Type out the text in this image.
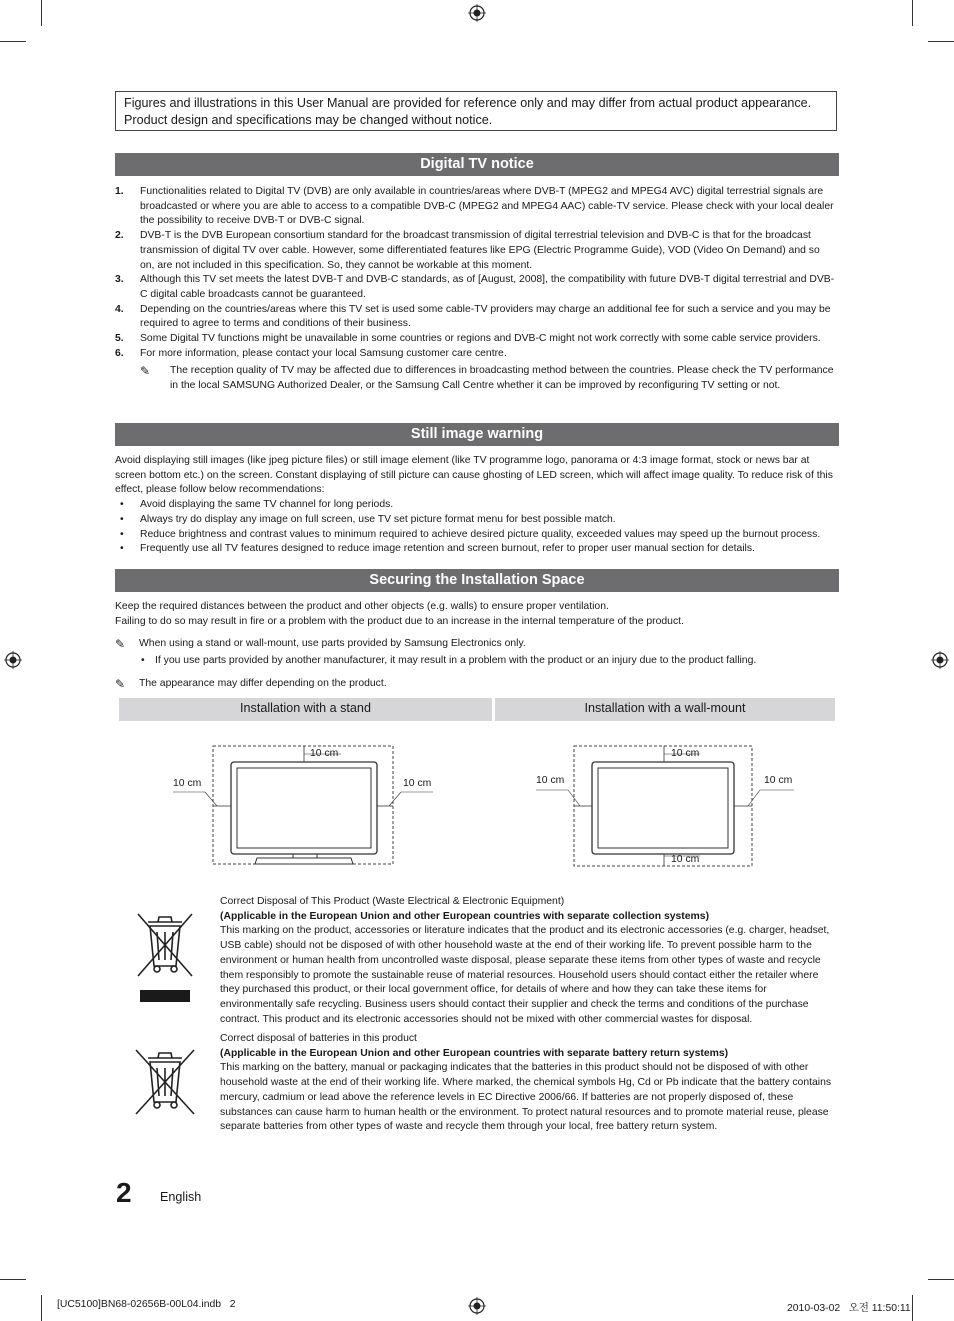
Figures and illustrations in this User Manual are provided for reference only and may differ from actual product appearance.
Product design and specifications may be changed without notice.
Digital TV notice
1. Functionalities related to Digital TV (DVB) are only available in countries/areas where DVB-T (MPEG2 and MPEG4 AVC) digital terrestrial signals are broadcasted or where you are able to access to a compatible DVB-C (MPEG2 and MPEG4 AAC) cable-TV service. Please check with your local dealer the possibility to receive DVB-T or DVB-C signal.
2. DVB-T is the DVB European consortium standard for the broadcast transmission of digital terrestrial television and DVB-C is that for the broadcast transmission of digital TV over cable. However, some differentiated features like EPG (Electric Programme Guide), VOD (Video On Demand) and so on, are not included in this specification. So, they cannot be workable at this moment.
3. Although this TV set meets the latest DVB-T and DVB-C standards, as of [August, 2008], the compatibility with future DVB-T digital terrestrial and DVB-C digital cable broadcasts cannot be guaranteed.
4. Depending on the countries/areas where this TV set is used some cable-TV providers may charge an additional fee for such a service and you may be required to agree to terms and conditions of their business.
5. Some Digital TV functions might be unavailable in some countries or regions and DVB-C might not work correctly with some cable service providers.
6. For more information, please contact your local Samsung customer care centre.
✎ The reception quality of TV may be affected due to differences in broadcasting method between the countries. Please check the TV performance in the local SAMSUNG Authorized Dealer, or the Samsung Call Centre whether it can be improved by reconfiguring TV setting or not.
Still image warning
Avoid displaying still images (like jpeg picture files) or still image element (like TV programme logo, panorama or 4:3 image format, stock or news bar at screen bottom etc.) on the screen. Constant displaying of still picture can cause ghosting of LED screen, which will affect image quality. To reduce risk of this effect, please follow below recommendations:
• Avoid displaying the same TV channel for long periods.
• Always try do display any image on full screen, use TV set picture format menu for best possible match.
• Reduce brightness and contrast values to minimum required to achieve desired picture quality, exceeded values may speed up the burnout process.
• Frequently use all TV features designed to reduce image retention and screen burnout, refer to proper user manual section for details.
Securing the Installation Space
Keep the required distances between the product and other objects (e.g. walls) to ensure proper ventilation.
Failing to do so may result in fire or a problem with the product due to an increase in the internal temperature of the product.
✎ When using a stand or wall-mount, use parts provided by Samsung Electronics only.
• If you use parts provided by another manufacturer, it may result in a problem with the product or an injury due to the product falling.
✎ The appearance may differ depending on the product.
Installation with a stand	Installation with a wall-mount
10 cm
10 cm	10 cm
10 cm
10 cm	10 cm
10 cm
Correct Disposal of This Product (Waste Electrical & Electronic Equipment)
(Applicable in the European Union and other European countries with separate collection systems)
This marking on the product, accessories or literature indicates that the product and its electronic accessories (e.g. charger, headset, USB cable) should not be disposed of with other household waste at the end of their working life. To prevent possible harm to the environment or human health from uncontrolled waste disposal, please separate these items from other types of waste and recycle them responsibly to promote the sustainable reuse of material resources. Household users should contact either the retailer where they purchased this product, or their local government office, for details of where and how they can take these items for environmentally safe recycling. Business users should contact their supplier and check the terms and conditions of the purchase contract. This product and its electronic accessories should not be mixed with other commercial wastes for disposal.
Correct disposal of batteries in this product
(Applicable in the European Union and other European countries with separate battery return systems)
This marking on the battery, manual or packaging indicates that the batteries in this product should not be disposed of with other household waste at the end of their working life. Where marked, the chemical symbols Hg, Cd or Pb indicate that the battery contains mercury, cadmium or lead above the reference levels in EC Directive 2006/66. If batteries are not properly disposed of, these substances can cause harm to human health or the environment. To protect natural resources and to promote material reuse, please separate batteries from other types of waste and recycle them through your local, free battery return system.
2 English
[UC5100]BN68-02656B-00L04.indb   2	2010-03-02   오전 11:50:11
